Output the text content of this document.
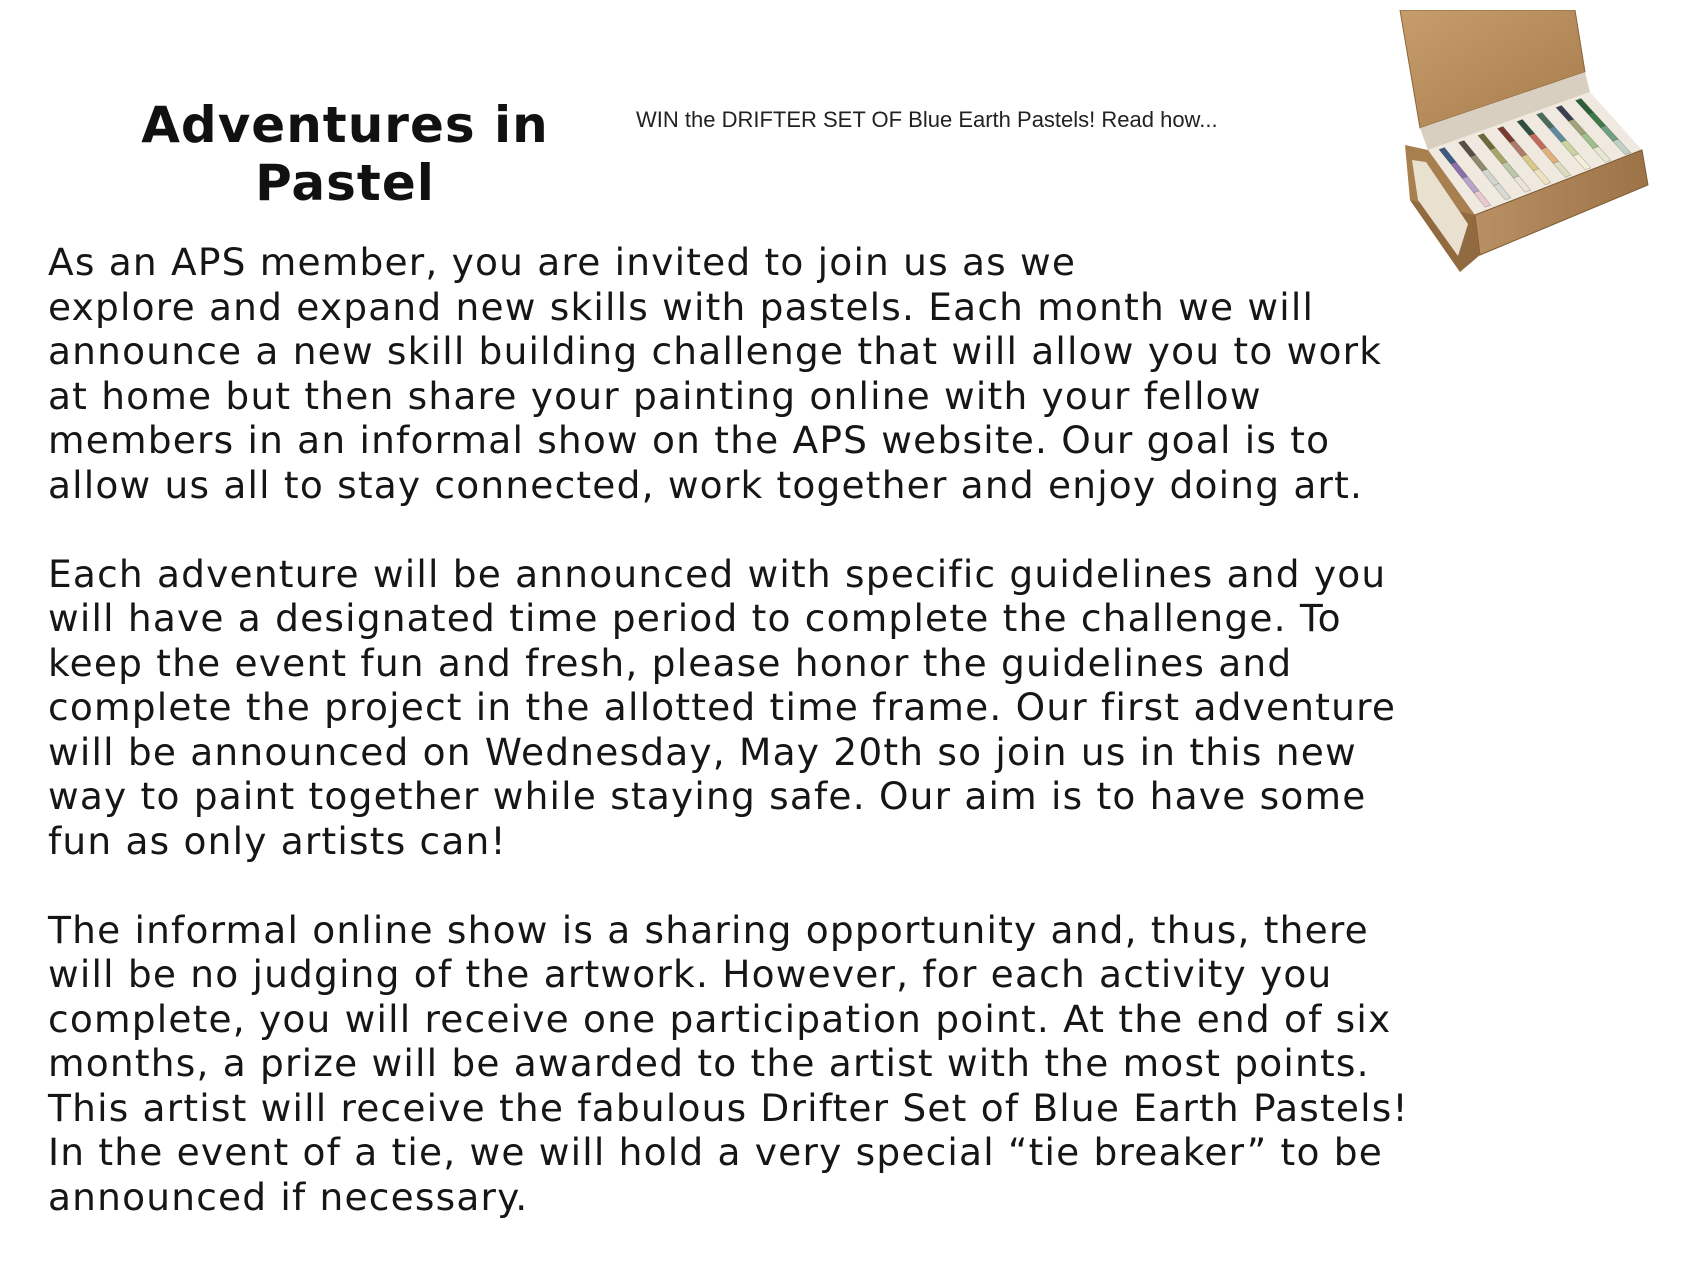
Adventures in
Pastel

WIN the DRIFTER SET OF Blue Earth Pastels! Read how...

As an APS member, you are invited to join us as we
explore and expand new skills with pastels. Each month we will
announce a new skill building challenge that will allow you to work
at home but then share your painting online with your fellow
members in an informal show on the APS website. Our goal is to
allow us all to stay connected, work together and enjoy doing art.

Each adventure will be announced with specific guidelines and you
will have a designated time period to complete the challenge. To
keep the event fun and fresh, please honor the guidelines and
complete the project in the allotted time frame. Our first adventure
will be announced on Wednesday, May 20th so join us in this new
way to paint together while staying safe. Our aim is to have some
fun as only artists can!

The informal online show is a sharing opportunity and, thus, there
will be no judging of the artwork. However, for each activity you
complete, you will receive one participation point. At the end of six
months, a prize will be awarded to the artist with the most points.
This artist will receive the fabulous Drifter Set of Blue Earth Pastels!
In the event of a tie, we will hold a very special “tie breaker” to be
announced if necessary.
